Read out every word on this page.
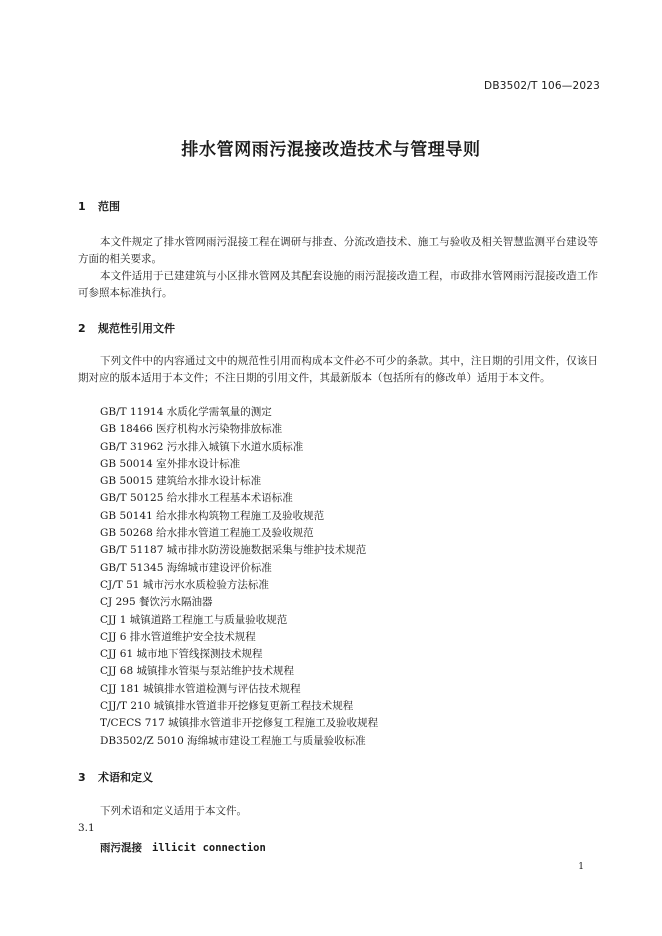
DB3502/T 106—2023
排水管网雨污混接改造技术与管理导则
1 范围

本文件规定了排水管网雨污混接工程在调研与排查、分流改造技术、施工与验收及相关智慧监测平台建设等方面的相关要求。

本文件适用于已建建筑与小区排水管网及其配套设施的雨污混接改造工程，市政排水管网雨污混接改造工作可参照本标准执行。

2 规范性引用文件

下列文件中的内容通过文中的规范性引用而构成本文件必不可少的条款。其中，注日期的引用文件，仅该日期对应的版本适用于本文件；不注日期的引用文件，其最新版本（包括所有的修改单）适用于本文件。

GB/T 11914 水质化学需氧量的测定
GB 18466 医疗机构水污染物排放标准
GB/T 31962 污水排入城镇下水道水质标准
GB 50014 室外排水设计标准
GB 50015 建筑给水排水设计标准
GB/T 50125 给水排水工程基本术语标准
GB 50141 给水排水构筑物工程施工及验收规范
GB 50268 给水排水管道工程施工及验收规范
GB/T 51187 城市排水防涝设施数据采集与维护技术规范
GB/T 51345 海绵城市建设评价标准
CJ/T 51 城市污水水质检验方法标准
CJ 295 餐饮污水隔油器
CJJ 1 城镇道路工程施工与质量验收规范
CJJ 6 排水管道维护安全技术规程
CJJ 61 城市地下管线探测技术规程
CJJ 68 城镇排水管渠与泵站维护技术规程
CJJ 181 城镇排水管道检测与评估技术规程
CJJ/T 210 城镇排水管道非开挖修复更新工程技术规程
T/CECS 717 城镇排水管道非开挖修复工程施工及验收规程
DB3502/Z 5010 海绵城市建设工程施工与质量验收标准
3 术语和定义

下列术语和定义适用于本文件。

3.1
雨污混接 illicit connection
1
